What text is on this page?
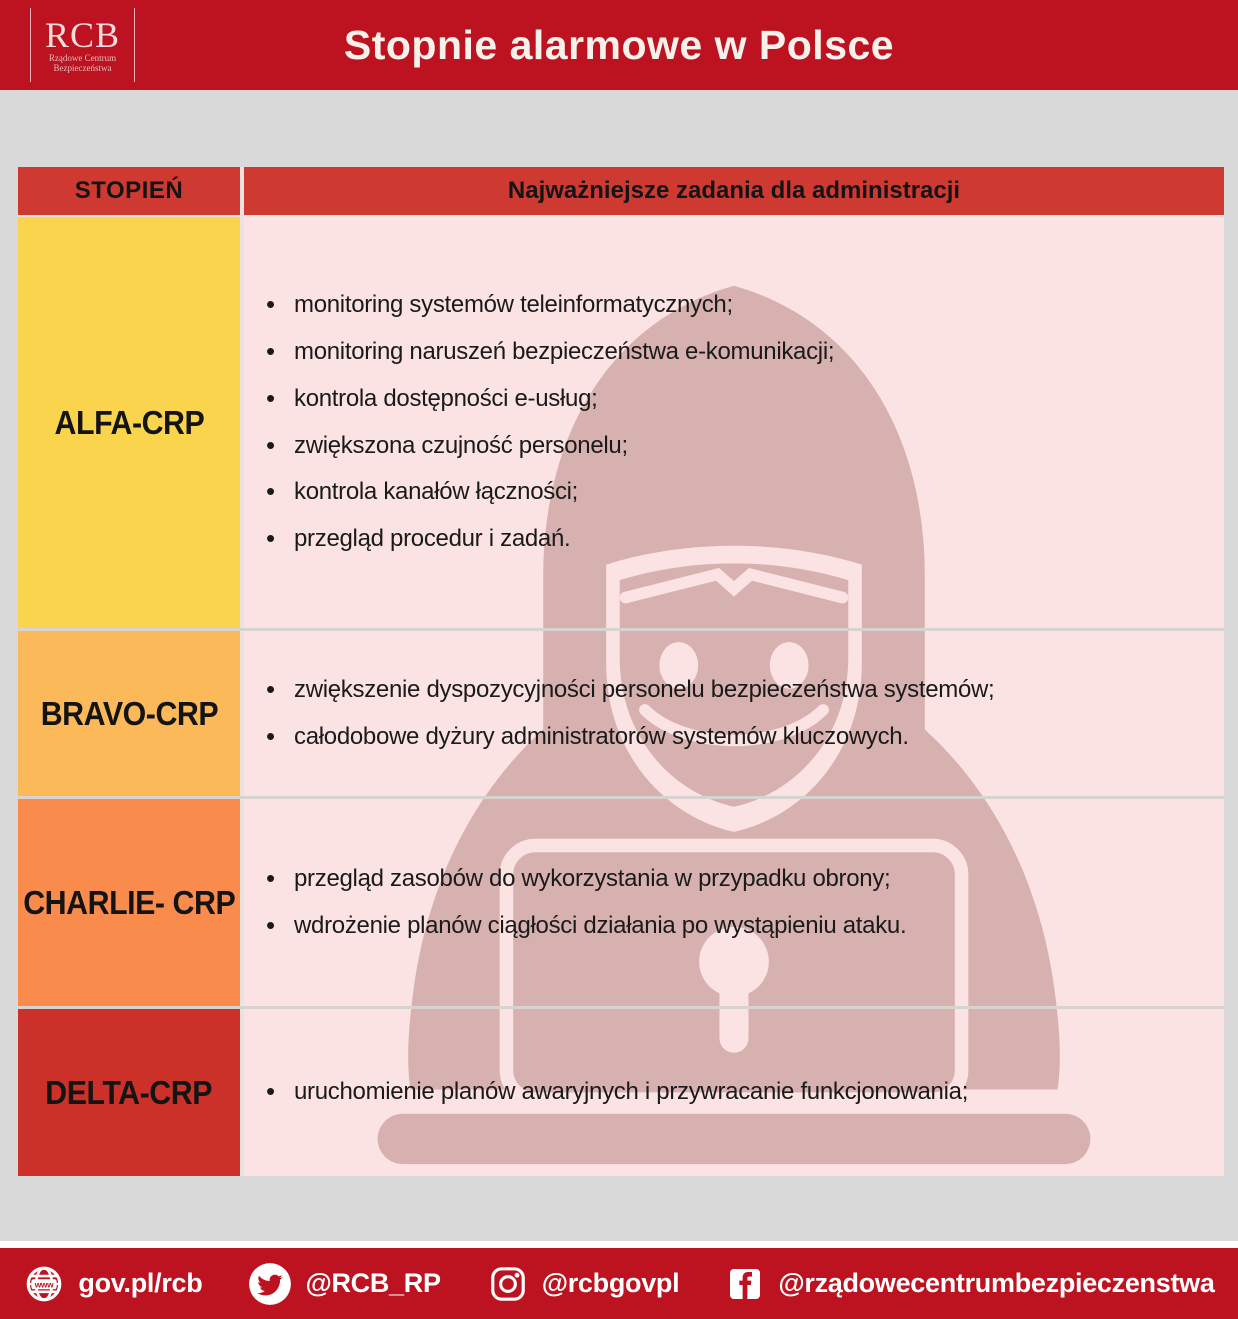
Stopnie alarmowe w Polsce
RCB
Rządowe Centrum
Bezpieczeństwa
STOPIEŃ	Najważniejsze zadania dla administracji
ALFA-CRP
• monitoring systemów teleinformatycznych;
• monitoring naruszeń bezpieczeństwa e-komunikacji;
• kontrola dostępności e-usług;
• zwiększona czujność personelu;
• kontrola kanałów łączności;
• przegląd procedur i zadań.
BRAVO-CRP
• zwiększenie dyspozycyjności personelu bezpieczeństwa systemów;
• całodobowe dyżury administratorów systemów kluczowych.
CHARLIE- CRP
• przegląd zasobów do wykorzystania w przypadku obrony;
• wdrożenie planów ciągłości działania po wystąpieniu ataku.
DELTA-CRP	• uruchomienie planów awaryjnych i przywracanie funkcjonowania;
www gov.pl/rcb	@RCB_RP	@rcbgovpl	@rządowecentrumbezpieczenstwa
